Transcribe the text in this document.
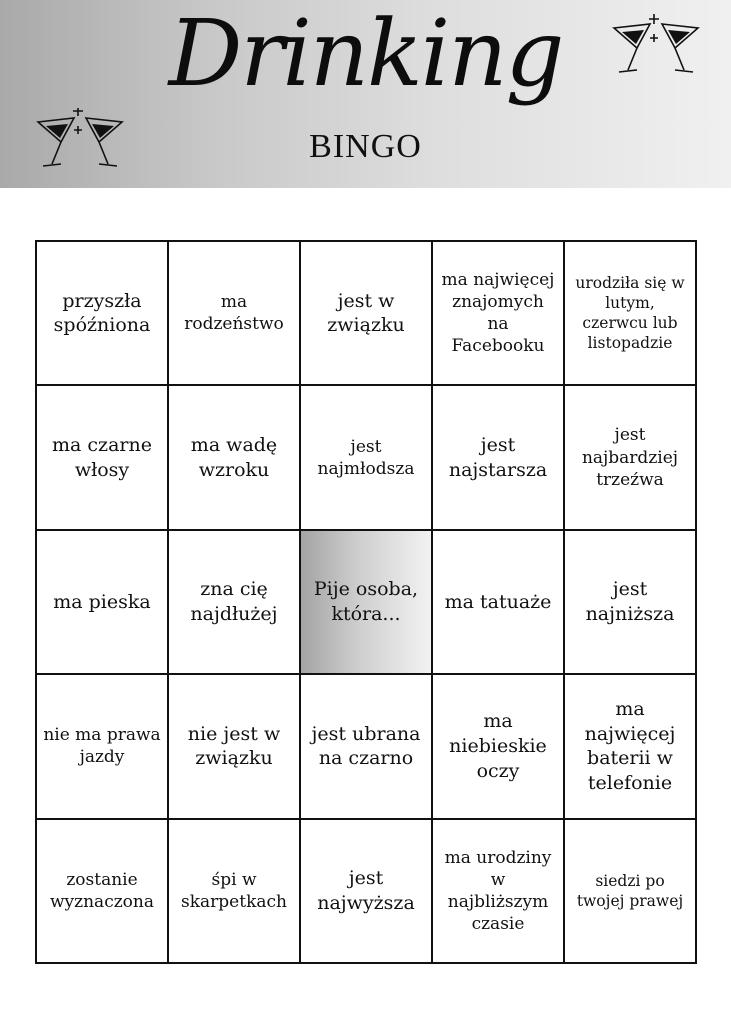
Drinking
BINGO
przyszła spóźniona
ma rodzeństwo
jest w związku
ma najwięcej znajomych na Facebooku
urodziła się w lutym, czerwcu lub listopadzie
ma czarne włosy
ma wadę wzroku
jest najmłodsza
jest najstarsza
jest najbardziej trzeźwa
ma pieska
zna cię najdłużej
Pije osoba, która...
ma tatuaże
jest najniższa
nie ma prawa jazdy
nie jest w związku
jest ubrana na czarno
ma niebieskie oczy
ma najwięcej baterii w telefonie
zostanie wyznaczona
śpi w skarpetkach
jest najwyższa
ma urodziny w najbliższym czasie
siedzi po twojej prawej
